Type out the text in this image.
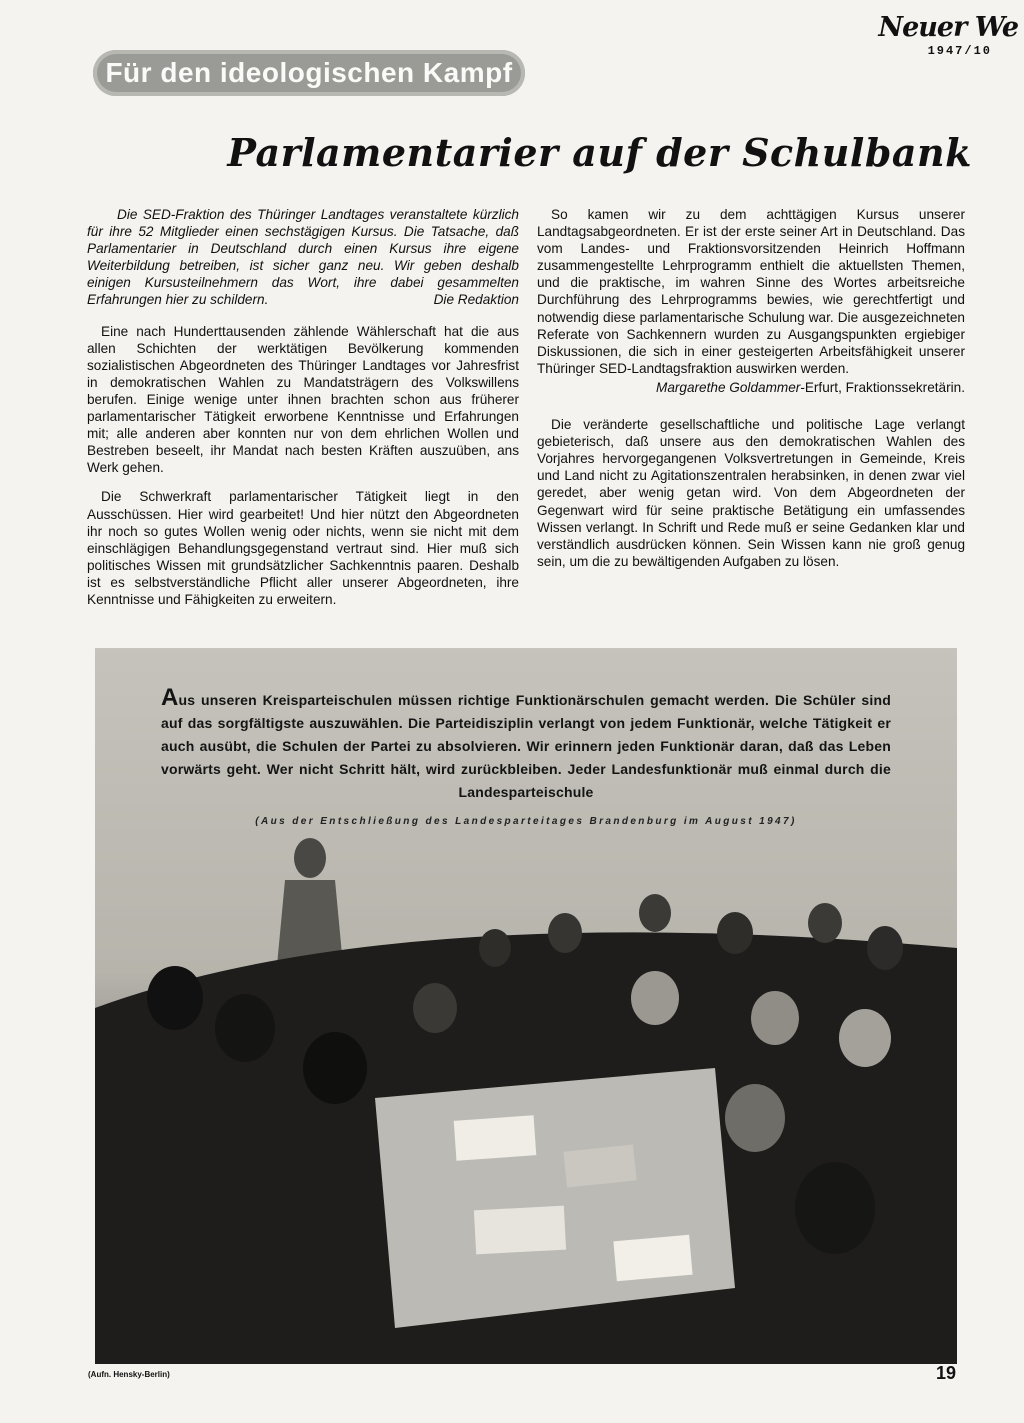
Neuer We
1947/10
Für den ideologischen Kampf
Parlamentarier auf der Schulbank

Die SED-Fraktion des Thüringer Landtages veranstaltete kürzlich für ihre 52 Mitglieder einen sechstägigen Kursus. Die Tatsache, daß Parlamentarier in Deutschland durch einen Kursus ihre eigene Weiterbildung betreiben, ist sicher ganz neu. Wir geben deshalb einigen Kursusteilnehmern das Wort, ihre dabei gesammelten Erfahrungen hier zu schildern.	Die Redaktion

Eine nach Hunderttausenden zählende Wählerschaft hat die aus allen Schichten der werktätigen Bevölkerung kommenden sozialistischen Abgeordneten des Thüringer Landtages vor Jahresfrist in demokratischen Wahlen zu Mandatsträgern des Volkswillens berufen. Einige wenige unter ihnen brachten schon aus früherer parlamentarischer Tätigkeit erworbene Kenntnisse und Erfahrungen mit; alle anderen aber konnten nur von dem ehrlichen Wollen und Bestreben beseelt, ihr Mandat nach besten Kräften auszuüben, ans Werk gehen.

Die Schwerkraft parlamentarischer Tätigkeit liegt in den Ausschüssen. Hier wird gearbeitet! Und hier nützt den Abgeordneten ihr noch so gutes Wollen wenig oder nichts, wenn sie nicht mit dem einschlägigen Behandlungsgegenstand vertraut sind. Hier muß sich politisches Wissen mit grundsätzlicher Sachkenntnis paaren. Deshalb ist es selbstverständliche Pflicht aller unserer Abgeordneten, ihre Kenntnisse und Fähigkeiten zu erweitern.

So kamen wir zu dem achttägigen Kursus unserer Landtagsabgeordneten. Er ist der erste seiner Art in Deutschland. Das vom Landes- und Fraktionsvorsitzenden Heinrich Hoffmann zusammengestellte Lehrprogramm enthielt die aktuellsten Themen, und die praktische, im wahren Sinne des Wortes arbeitsreiche Durchführung des Lehrprogramms bewies, wie gerechtfertigt und notwendig diese parlamentarische Schulung war. Die ausgezeichneten Referate von Sachkennern wurden zu Ausgangspunkten ergiebiger Diskussionen, die sich in einer gesteigerten Arbeitsfähigkeit unserer Thüringer SED-Landtagsfraktion auswirken werden.

Margarethe Goldammer-Erfurt, Fraktionssekretärin.

Die veränderte gesellschaftliche und politische Lage verlangt gebieterisch, daß unsere aus den demokratischen Wahlen des Vorjahres hervorgegangenen Volksvertretungen in Gemeinde, Kreis und Land nicht zu Agitationszentralen herabsinken, in denen zwar viel geredet, aber wenig getan wird. Von dem Abgeordneten der Gegenwart wird für seine praktische Betätigung ein umfassendes Wissen verlangt. In Schrift und Rede muß er seine Gedanken klar und verständlich ausdrücken können. Sein Wissen kann nie groß genug sein, um die zu bewältigenden Aufgaben zu lösen.

Aus unseren Kreisparteischulen müssen richtige Funktionärschulen gemacht werden. Die Schüler sind auf das sorgfältigste auszuwählen. Die Parteidisziplin verlangt von jedem Funktionär, welche Tätigkeit er auch ausübt, die Schulen der Partei zu absolvieren. Wir erinnern jeden Funktionär daran, daß das Leben vorwärts geht. Wer nicht Schritt hält, wird zurückbleiben. Jeder Landesfunktionär muß einmal durch die Landesparteischule
(Aus der Entschließung des Landesparteitages Brandenburg im August 1947)
(Aufn. Hensky-Berlin)	19
